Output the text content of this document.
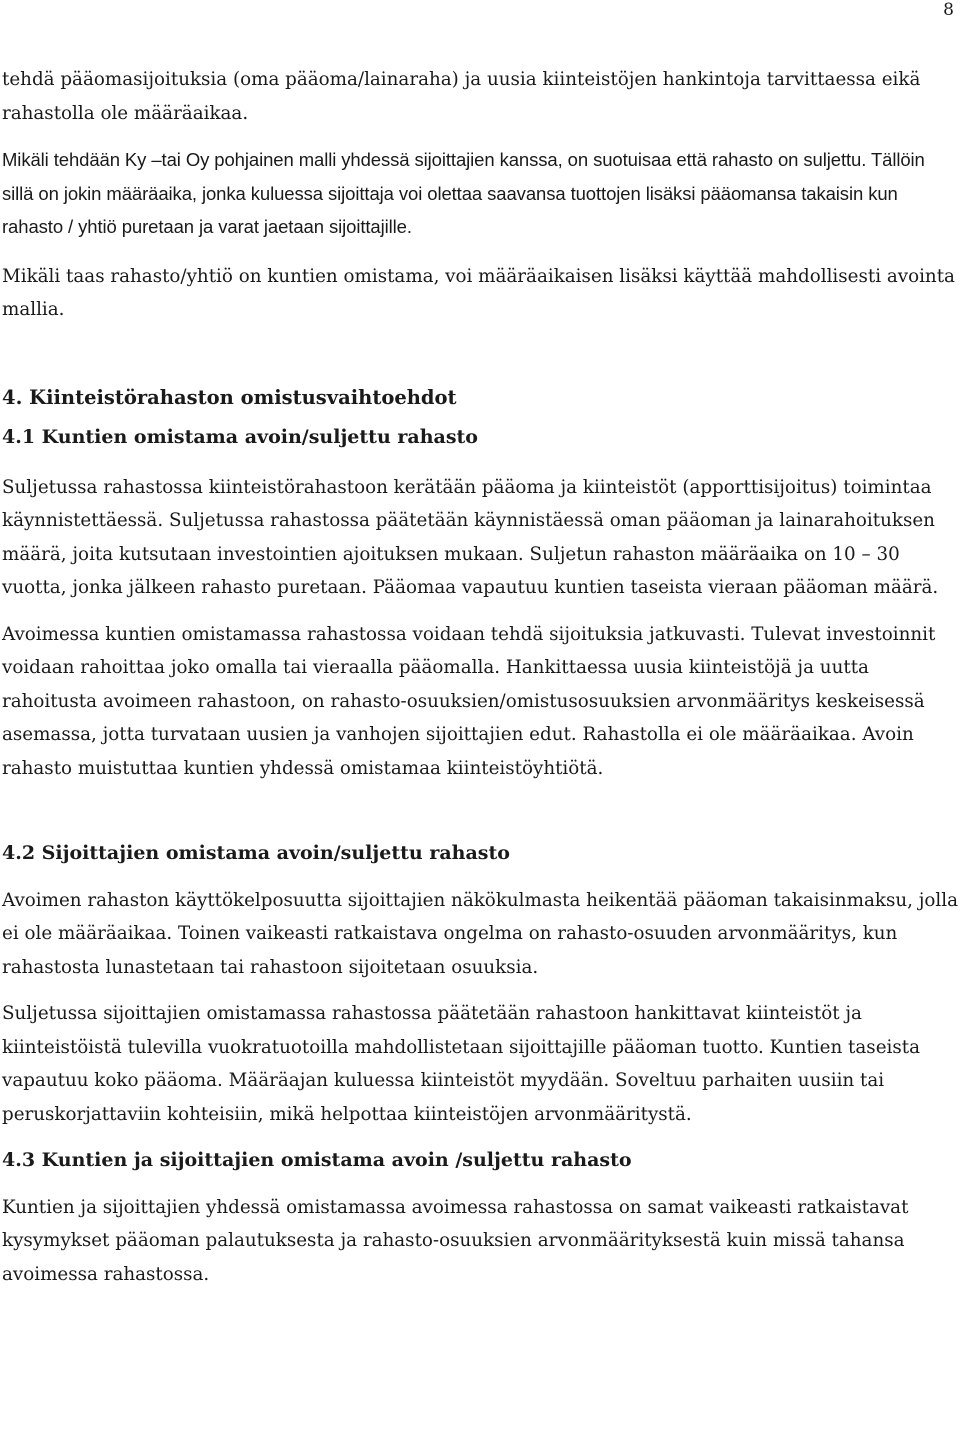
8

tehdä pääomasijoituksia (oma pääoma/lainaraha) ja uusia kiinteistöjen hankintoja tarvittaessa eikä rahastolla ole määräaikaa.

Mikäli tehdään Ky –tai Oy pohjainen malli yhdessä sijoittajien kanssa, on suotuisaa että rahasto on suljettu. Tällöin sillä on jokin määräaika, jonka kuluessa sijoittaja voi olettaa saavansa tuottojen lisäksi pääomansa takaisin kun rahasto / yhtiö puretaan ja varat jaetaan sijoittajille.

Mikäli taas rahasto/yhtiö on kuntien omistama, voi määräaikaisen lisäksi käyttää mahdollisesti avointa mallia.

4. Kiinteistörahaston omistusvaihtoehdot
4.1 Kuntien omistama avoin/suljettu rahasto

Suljetussa rahastossa kiinteistörahastoon kerätään pääoma ja kiinteistöt (apporttisijoitus) toimintaa käynnistettäessä. Suljetussa rahastossa päätetään käynnistäessä oman pääoman ja lainarahoituksen määrä, joita kutsutaan investointien ajoituksen mukaan. Suljetun rahaston määräaika on 10 – 30 vuotta, jonka jälkeen rahasto puretaan. Pääomaa vapautuu kuntien taseista vieraan pääoman määrä.

Avoimessa kuntien omistamassa rahastossa voidaan tehdä sijoituksia jatkuvasti. Tulevat investoinnit voidaan rahoittaa joko omalla tai vieraalla pääomalla. Hankittaessa uusia kiinteistöjä ja uutta rahoitusta avoimeen rahastoon, on rahasto-osuuksien/omistusosuuksien arvonmääritys keskeisessä asemassa, jotta turvataan uusien ja vanhojen sijoittajien edut. Rahastolla ei ole määräaikaa. Avoin rahasto muistuttaa kuntien yhdessä omistamaa kiinteistöyhtiötä.

4.2 Sijoittajien omistama avoin/suljettu rahasto

Avoimen rahaston käyttökelposuutta sijoittajien näkökulmasta heikentää pääoman takaisinmaksu, jolla ei ole määräaikaa. Toinen vaikeasti ratkaistava ongelma on rahasto-osuuden arvonmääritys, kun rahastosta lunastetaan tai rahastoon sijoitetaan osuuksia.

Suljetussa sijoittajien omistamassa rahastossa päätetään rahastoon hankittavat kiinteistöt ja kiinteistöistä tulevilla vuokratuotoilla mahdollistetaan sijoittajille pääoman tuotto. Kuntien taseista vapautuu koko pääoma. Määräajan kuluessa kiinteistöt myydään. Soveltuu parhaiten uusiin tai peruskorjattaviin kohteisiin, mikä helpottaa kiinteistöjen arvonmääritystä.

4.3 Kuntien ja sijoittajien omistama avoin /suljettu rahasto

Kuntien ja sijoittajien yhdessä omistamassa avoimessa rahastossa on samat vaikeasti ratkaistavat kysymykset pääoman palautuksesta ja rahasto-osuuksien arvonmäärityksestä kuin missä tahansa avoimessa rahastossa.
